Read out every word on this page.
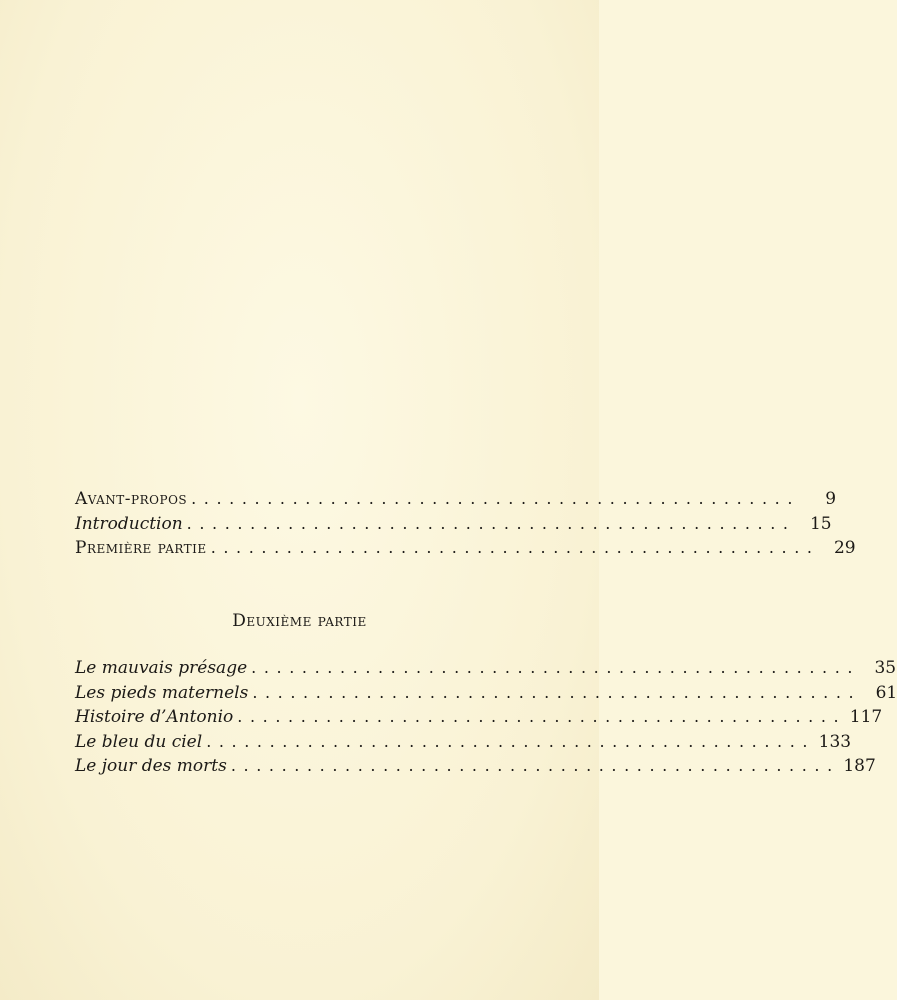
Avant-propos ................................................	9
Introduction ................................................ 15
Première partie ................................................ 29
Deuxième partie
Le mauvais présage ................................................ 35
Les pieds maternels ................................................ 61
Histoire d’Antonio ................................................ 117
Le bleu du ciel ................................................ 133
Le jour des morts ................................................ 187
